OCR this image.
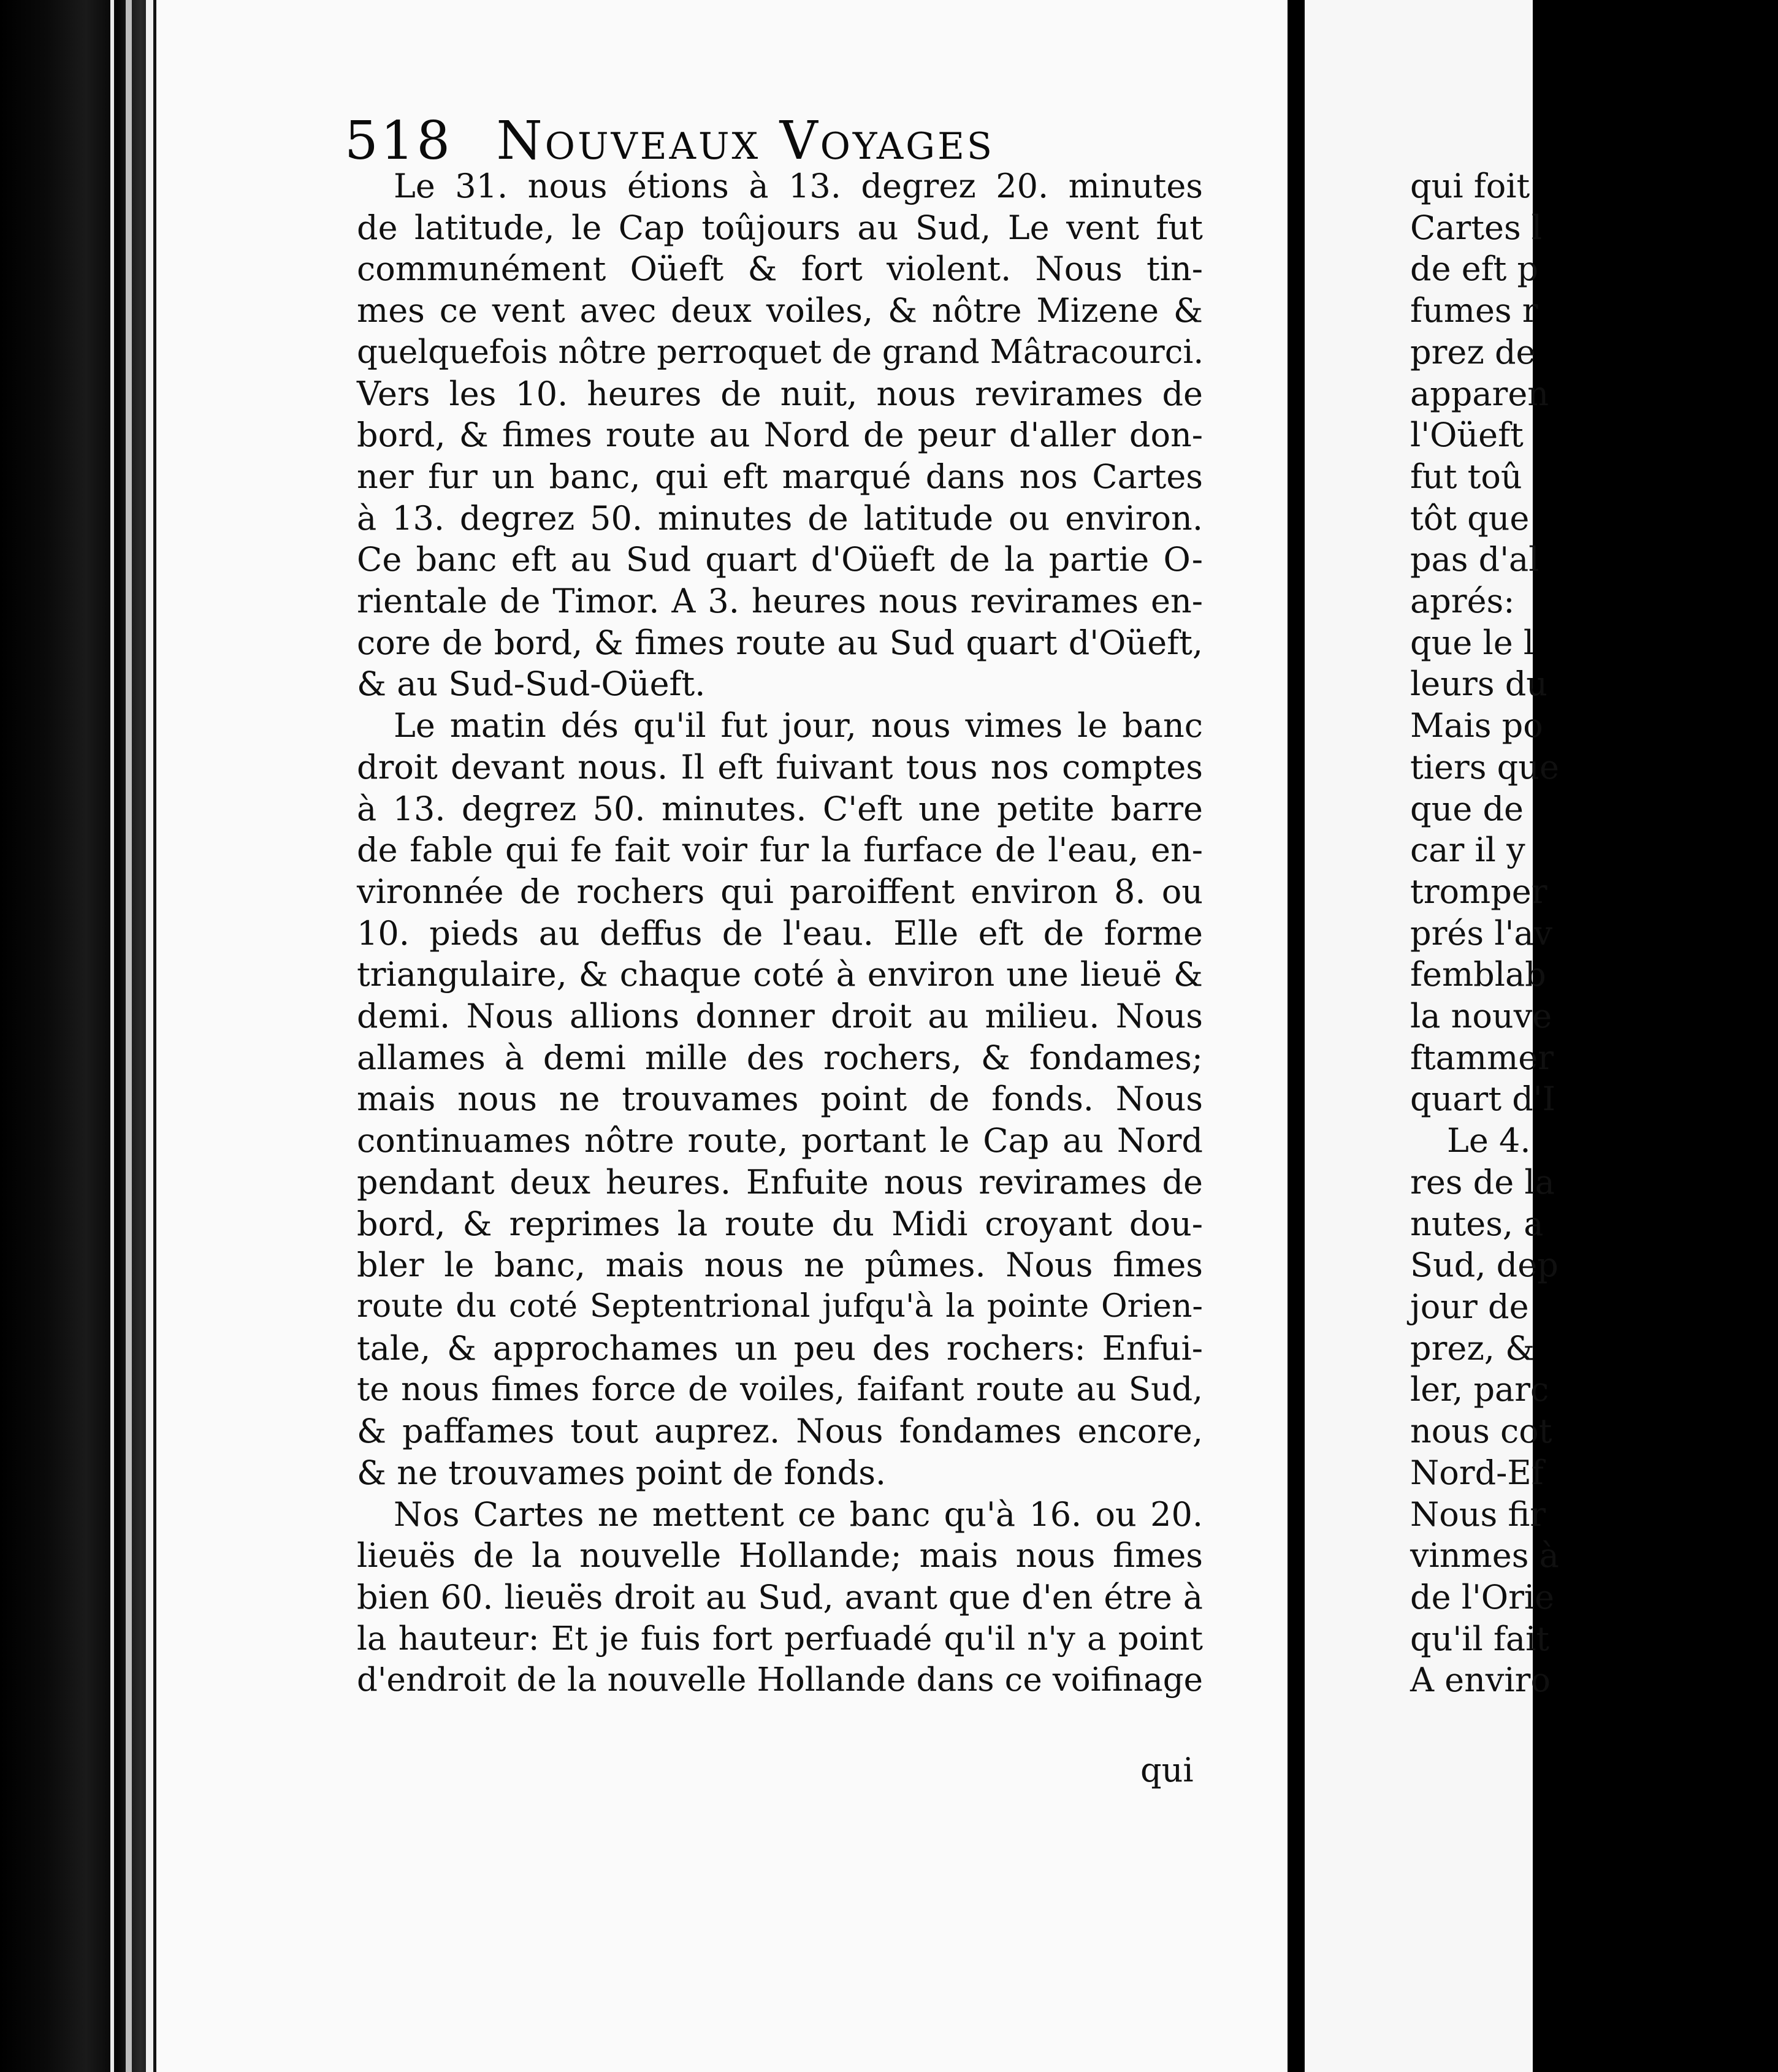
518 Nouveaux Voyages
Le 31. nous étions à 13. degrez 20. minutes
de latitude, le Cap toûjours au Sud, Le vent fut
communément Oüeft & fort violent. Nous tin-
mes ce vent avec deux voiles, & nôtre Mizene &
quelquefois nôtre perroquet de grand Mâtracourci.
Vers les 10. heures de nuit, nous revirames de
bord, & fimes route au Nord de peur d'aller don-
ner fur un banc, qui eft marqué dans nos Cartes
à 13. degrez 50. minutes de latitude ou environ.
Ce banc eft au Sud quart d'Oüeft de la partie O-
rientale de Timor. A 3. heures nous revirames en-
core de bord, & fimes route au Sud quart d'Oüeft,
& au Sud-Sud-Oüeft.
Le matin dés qu'il fut jour, nous vimes le banc
droit devant nous. Il eft fuivant tous nos comptes
à 13. degrez 50. minutes. C'eft une petite barre
de fable qui fe fait voir fur la furface de l'eau, en-
vironnée de rochers qui paroiffent environ 8. ou
10. pieds au deffus de l'eau. Elle eft de forme
triangulaire, & chaque coté à environ une lieuë &
demi. Nous allions donner droit au milieu. Nous
allames à demi mille des rochers, & fondames;
mais nous ne trouvames point de fonds. Nous
continuames nôtre route, portant le Cap au Nord
pendant deux heures. Enfuite nous revirames de
bord, & reprimes la route du Midi croyant dou-
bler le banc, mais nous ne pûmes. Nous fimes
route du coté Septentrional jufqu'à la pointe Orien-
tale, & approchames un peu des rochers: Enfui-
te nous fimes force de voiles, faifant route au Sud,
& paffames tout auprez. Nous fondames encore,
& ne trouvames point de fonds.
Nos Cartes ne mettent ce banc qu'à 16. ou 20.
lieuës de la nouvelle Hollande; mais nous fimes
bien 60. lieuës droit au Sud, avant que d'en étre à
la hauteur: Et je fuis fort perfuadé qu'il n'y a point
d'endroit de la nouvelle Hollande dans ce voifinage
qui
qui foit
Cartes l
de eft p
fumes r
prez de
apparen
l'Oüeft
fut toû
tôt que
pas d'al
aprés:
que le l
leurs du
Mais po
tiers que
que de
car il y
tromper
prés l'av
femblab
la nouve
ftammer
quart d'I
Le 4.
res de la
nutes, a
Sud, dep
jour de
prez, &
ler, parc
nous cot
Nord-Ef
Nous fir
vinmes à
de l'Orie
qu'il fait
A enviro
